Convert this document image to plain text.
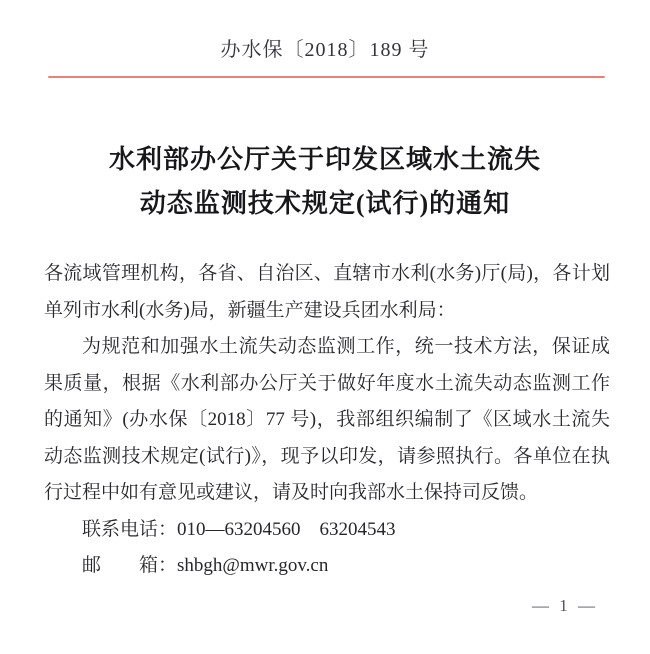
办水保〔2018〕189 号
水利部办公厅关于印发区域水土流失
动态监测技术规定(试行)的通知

各流域管理机构，各省、自治区、直辖市水利(水务)厅(局)，各计划单列市水利(水务)局，新疆生产建设兵团水利局：

为规范和加强水土流失动态监测工作，统一技术方法，保证成果质量，根据《水利部办公厅关于做好年度水土流失动态监测工作的通知》(办水保〔2018〕77 号)，我部组织编制了《区域水土流失动态监测技术规定(试行)》，现予以印发，请参照执行。各单位在执行过程中如有意见或建议，请及时向我部水土保持司反馈。

联系电话：010—63204560　63204543

邮　　箱：shbgh@mwr.gov.cn

— 1 —
